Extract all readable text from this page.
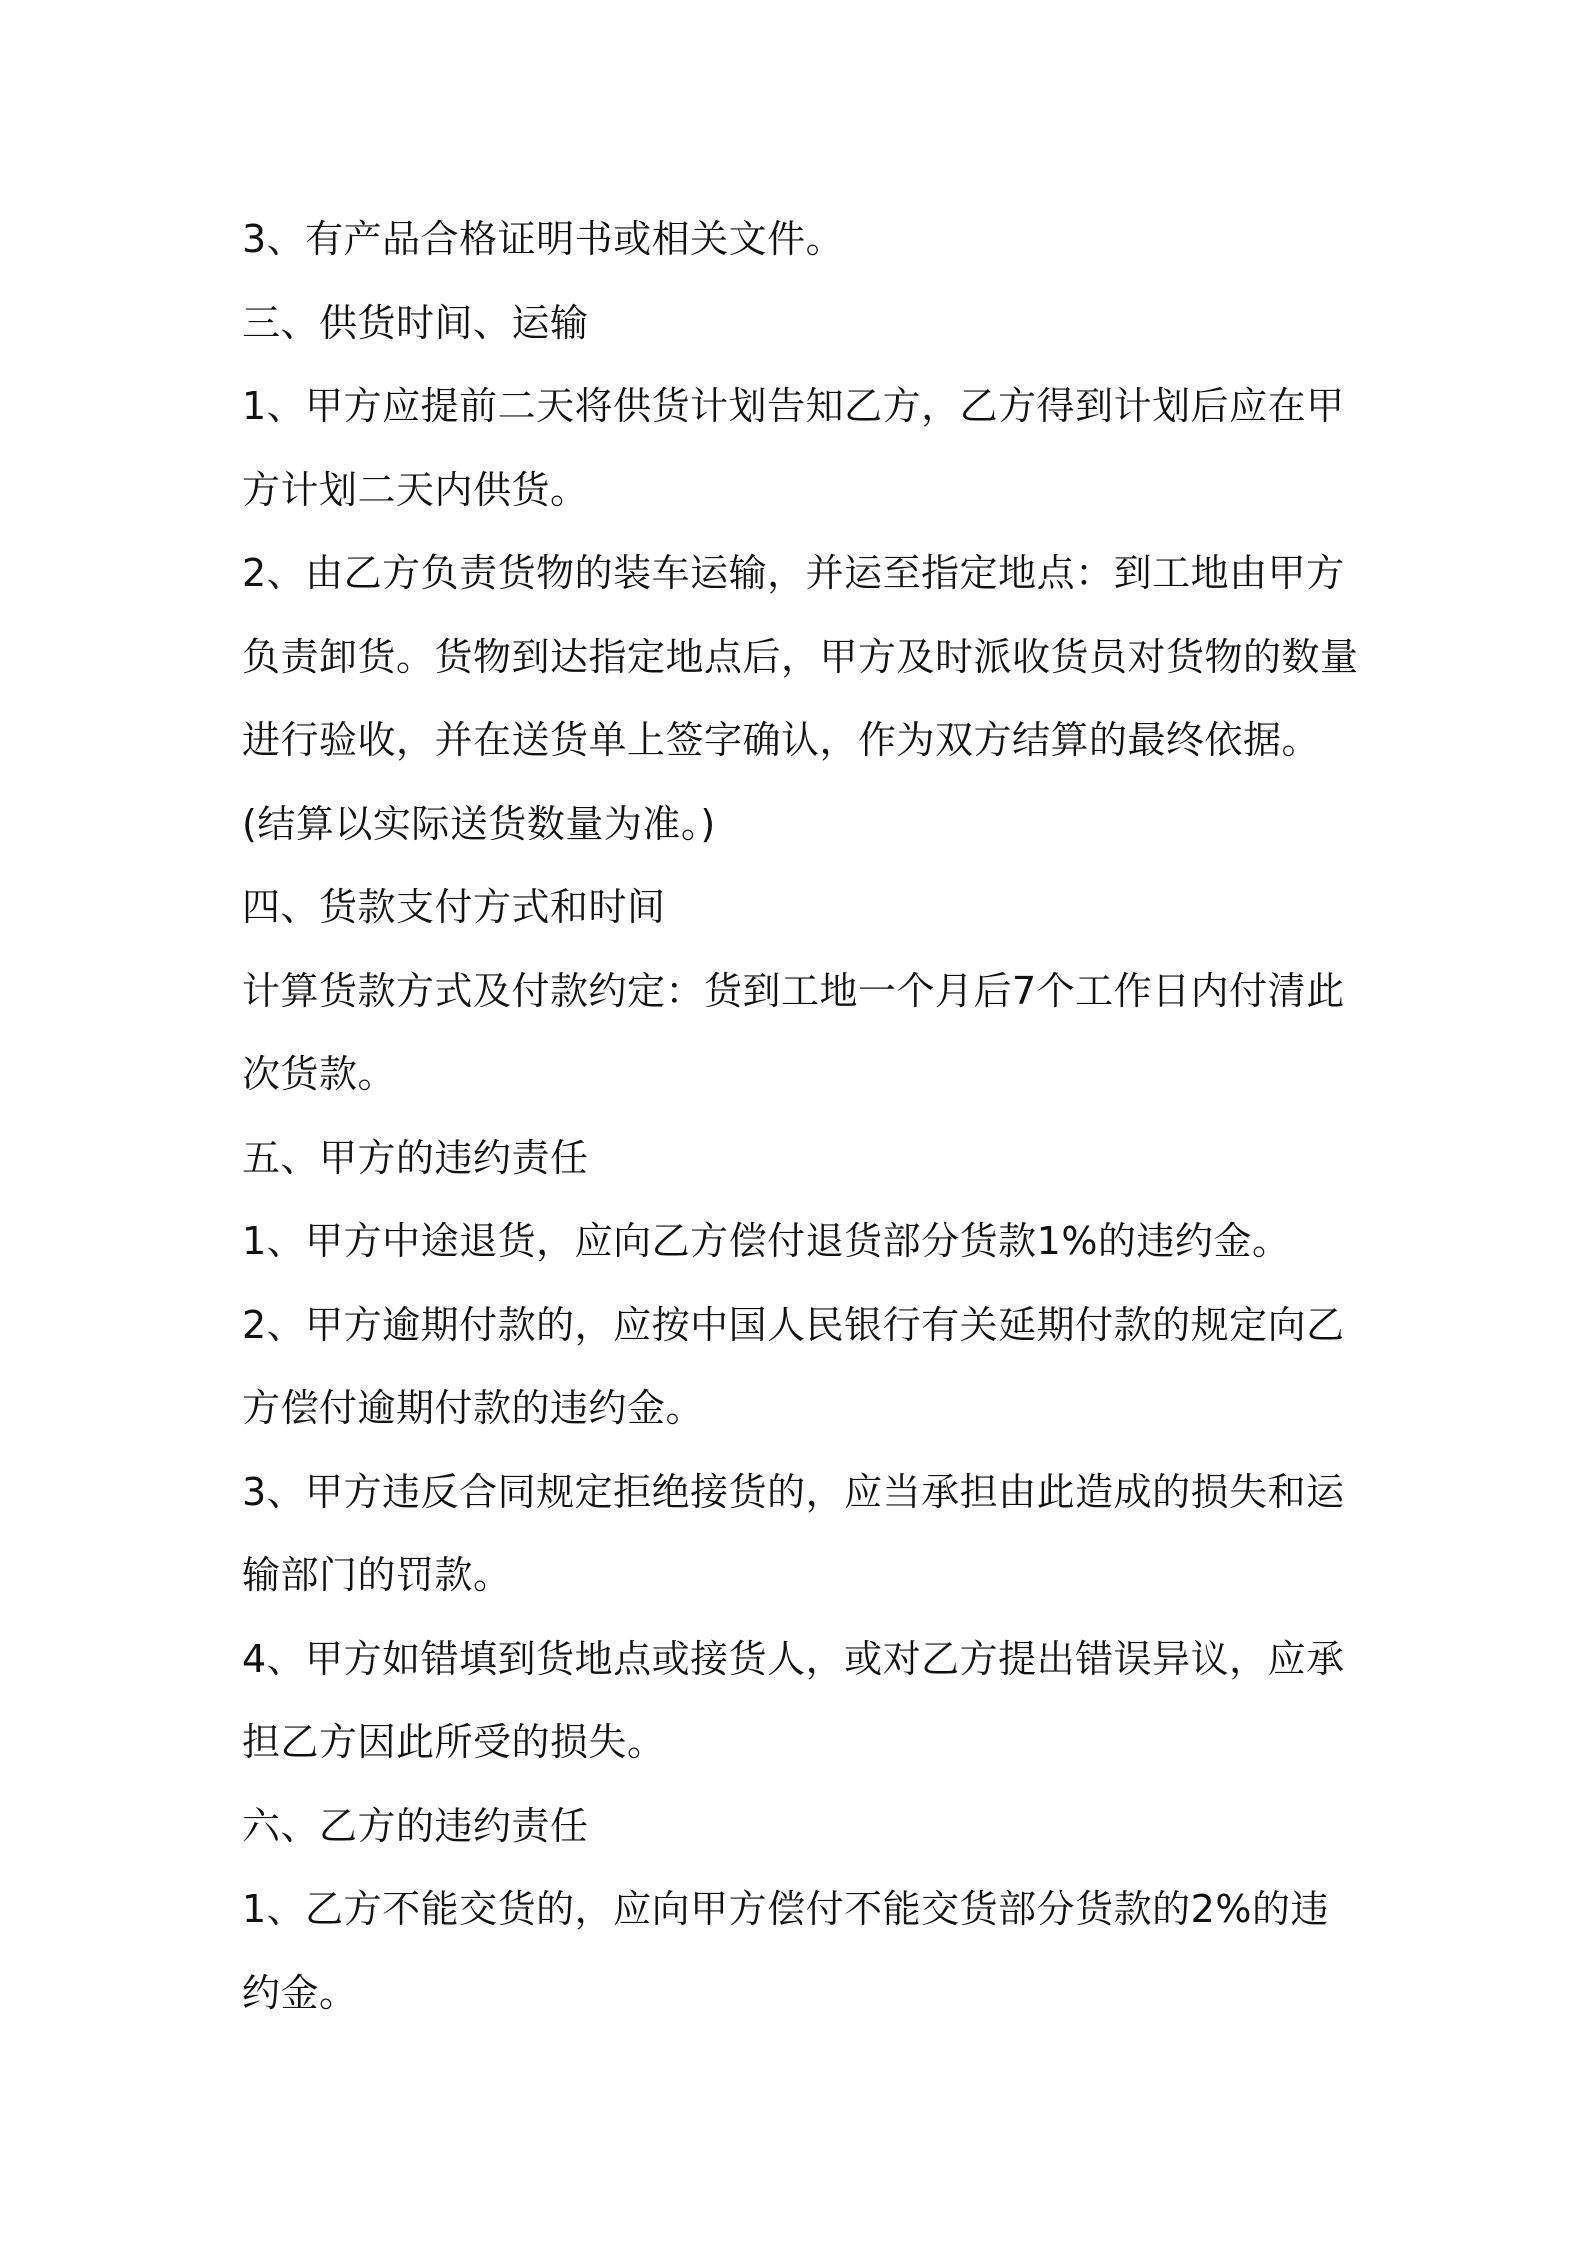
3、有产品合格证明书或相关文件。

三、供货时间、运输

1、甲方应提前二天将供货计划告知乙方，乙方得到计划后应在甲方计划二天内供货。

2、由乙方负责货物的装车运输，并运至指定地点：到工地由甲方负责卸货。货物到达指定地点后，甲方及时派收货员对货物的数量进行验收，并在送货单上签字确认，作为双方结算的最终依据。(结算以实际送货数量为准。)

四、货款支付方式和时间

计算货款方式及付款约定：货到工地一个月后7个工作日内付清此次货款。

五、甲方的违约责任

1、甲方中途退货，应向乙方偿付退货部分货款1%的违约金。

2、甲方逾期付款的，应按中国人民银行有关延期付款的规定向乙方偿付逾期付款的违约金。

3、甲方违反合同规定拒绝接货的，应当承担由此造成的损失和运输部门的罚款。

4、甲方如错填到货地点或接货人，或对乙方提出错误异议，应承担乙方因此所受的损失。

六、乙方的违约责任

1、乙方不能交货的，应向甲方偿付不能交货部分货款的2%的违约金。
